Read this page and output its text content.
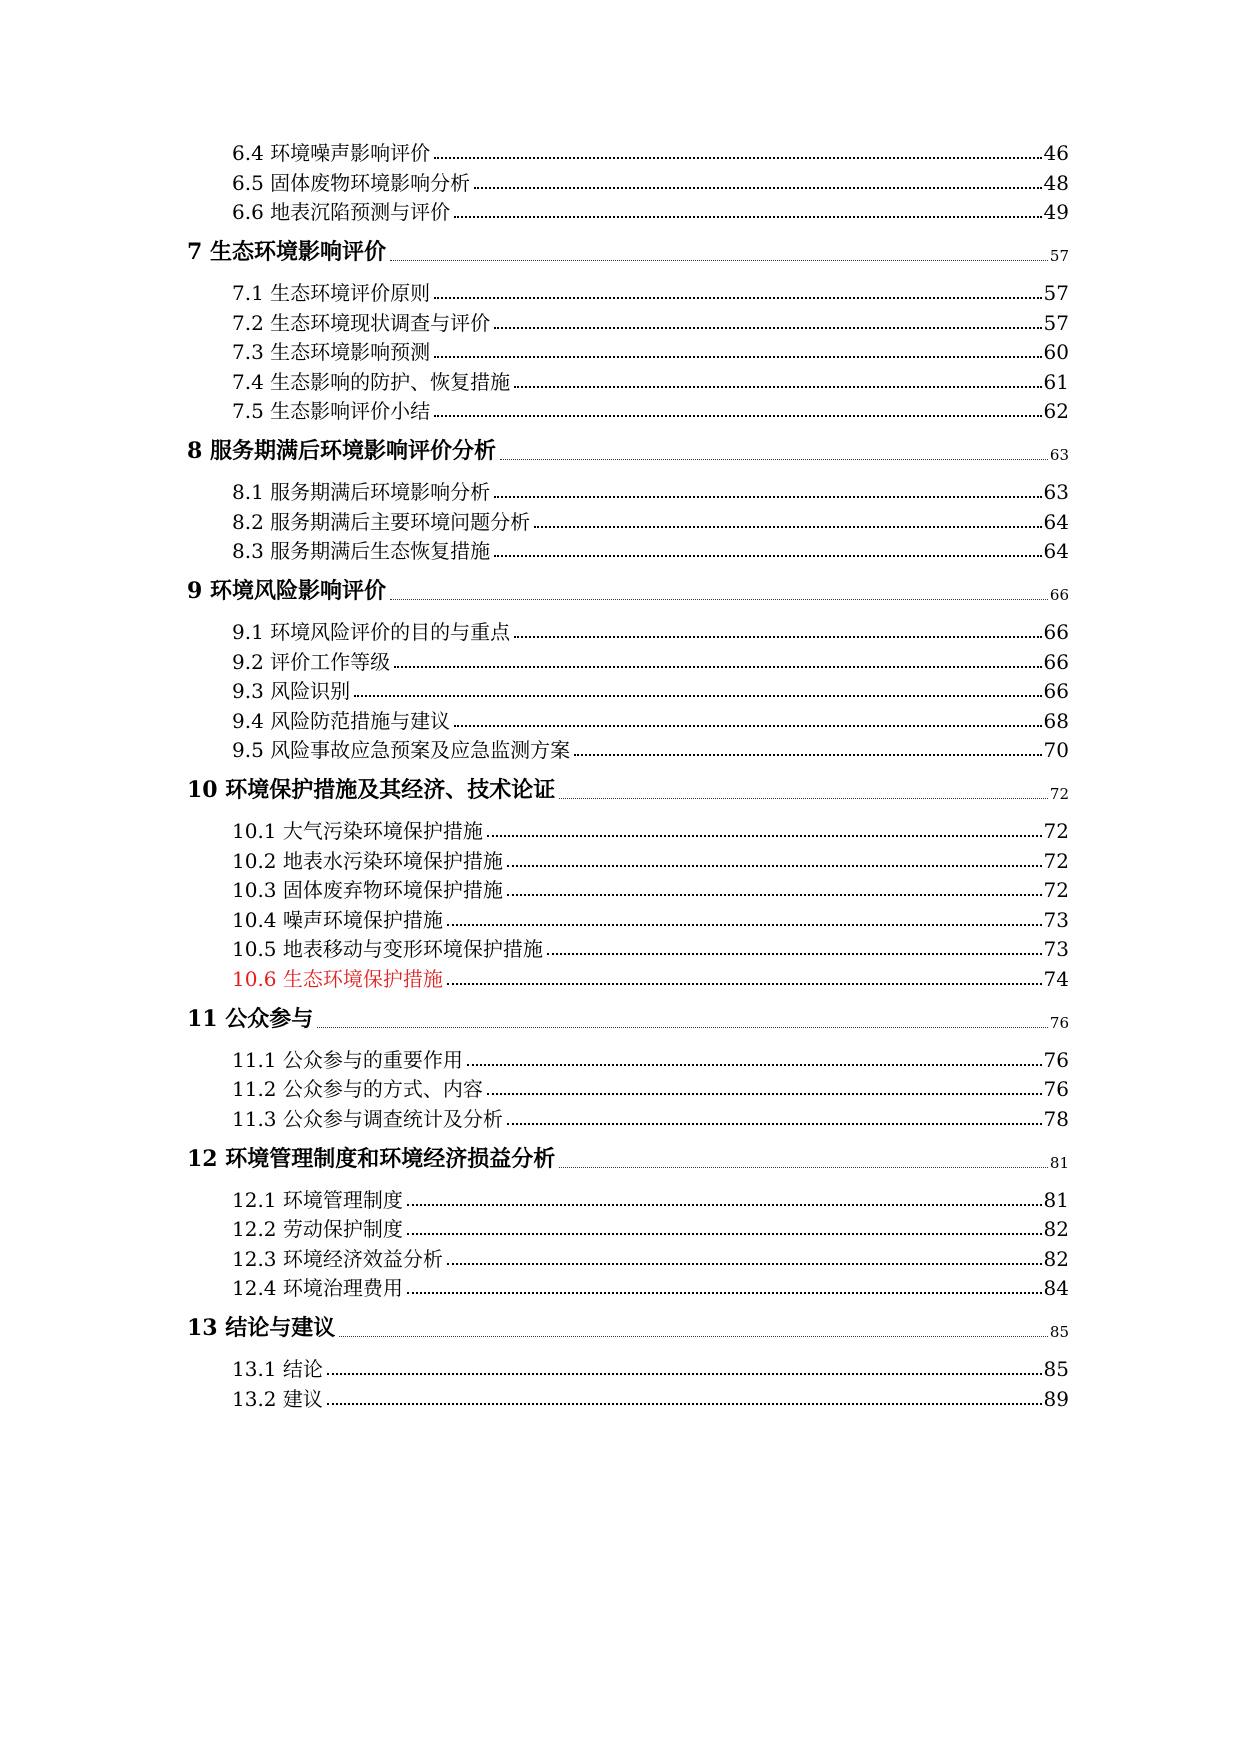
6.4 环境噪声影响评价	46
6.5 固体废物环境影响分析	48
6.6 地表沉陷预测与评价	49
7 生态环境影响评价	57
7.1 生态环境评价原则	57
7.2 生态环境现状调查与评价	57
7.3 生态环境影响预测	60
7.4 生态影响的防护、恢复措施	61
7.5 生态影响评价小结	62
8 服务期满后环境影响评价分析	63
8.1 服务期满后环境影响分析	63
8.2 服务期满后主要环境问题分析	64
8.3 服务期满后生态恢复措施	64
9 环境风险影响评价	66
9.1 环境风险评价的目的与重点	66
9.2 评价工作等级	66
9.3 风险识别	66
9.4 风险防范措施与建议	68
9.5 风险事故应急预案及应急监测方案	70
10 环境保护措施及其经济、技术论证	72
10.1 大气污染环境保护措施	72
10.2 地表水污染环境保护措施	72
10.3 固体废弃物环境保护措施	72
10.4 噪声环境保护措施	73
10.5 地表移动与变形环境保护措施	73
10.6 生态环境保护措施	74
11 公众参与	76
11.1 公众参与的重要作用	76
11.2 公众参与的方式、内容	76
11.3 公众参与调查统计及分析	78
12 环境管理制度和环境经济损益分析	81
12.1 环境管理制度	81
12.2 劳动保护制度	82
12.3 环境经济效益分析	82
12.4 环境治理费用	84
13 结论与建议	85
13.1 结论	85
13.2 建议	89
